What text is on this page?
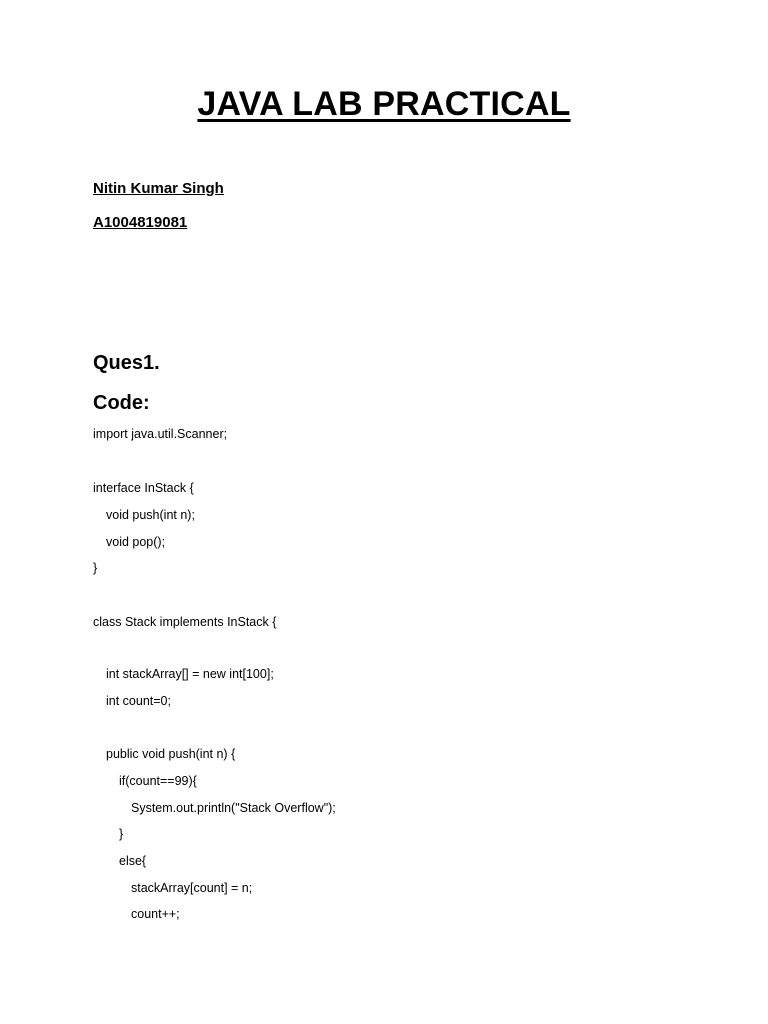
JAVA LAB PRACTICAL
Nitin Kumar Singh
A1004819081
Ques1.
Code:
import java.util.Scanner;
interface InStack {
void push(int n);
void pop();
}
class Stack implements InStack {
int stackArray[] = new int[100];
int count=0;
public void push(int n) {
if(count==99){
System.out.println("Stack Overflow");
}
else{
stackArray[count] = n;
count++;
